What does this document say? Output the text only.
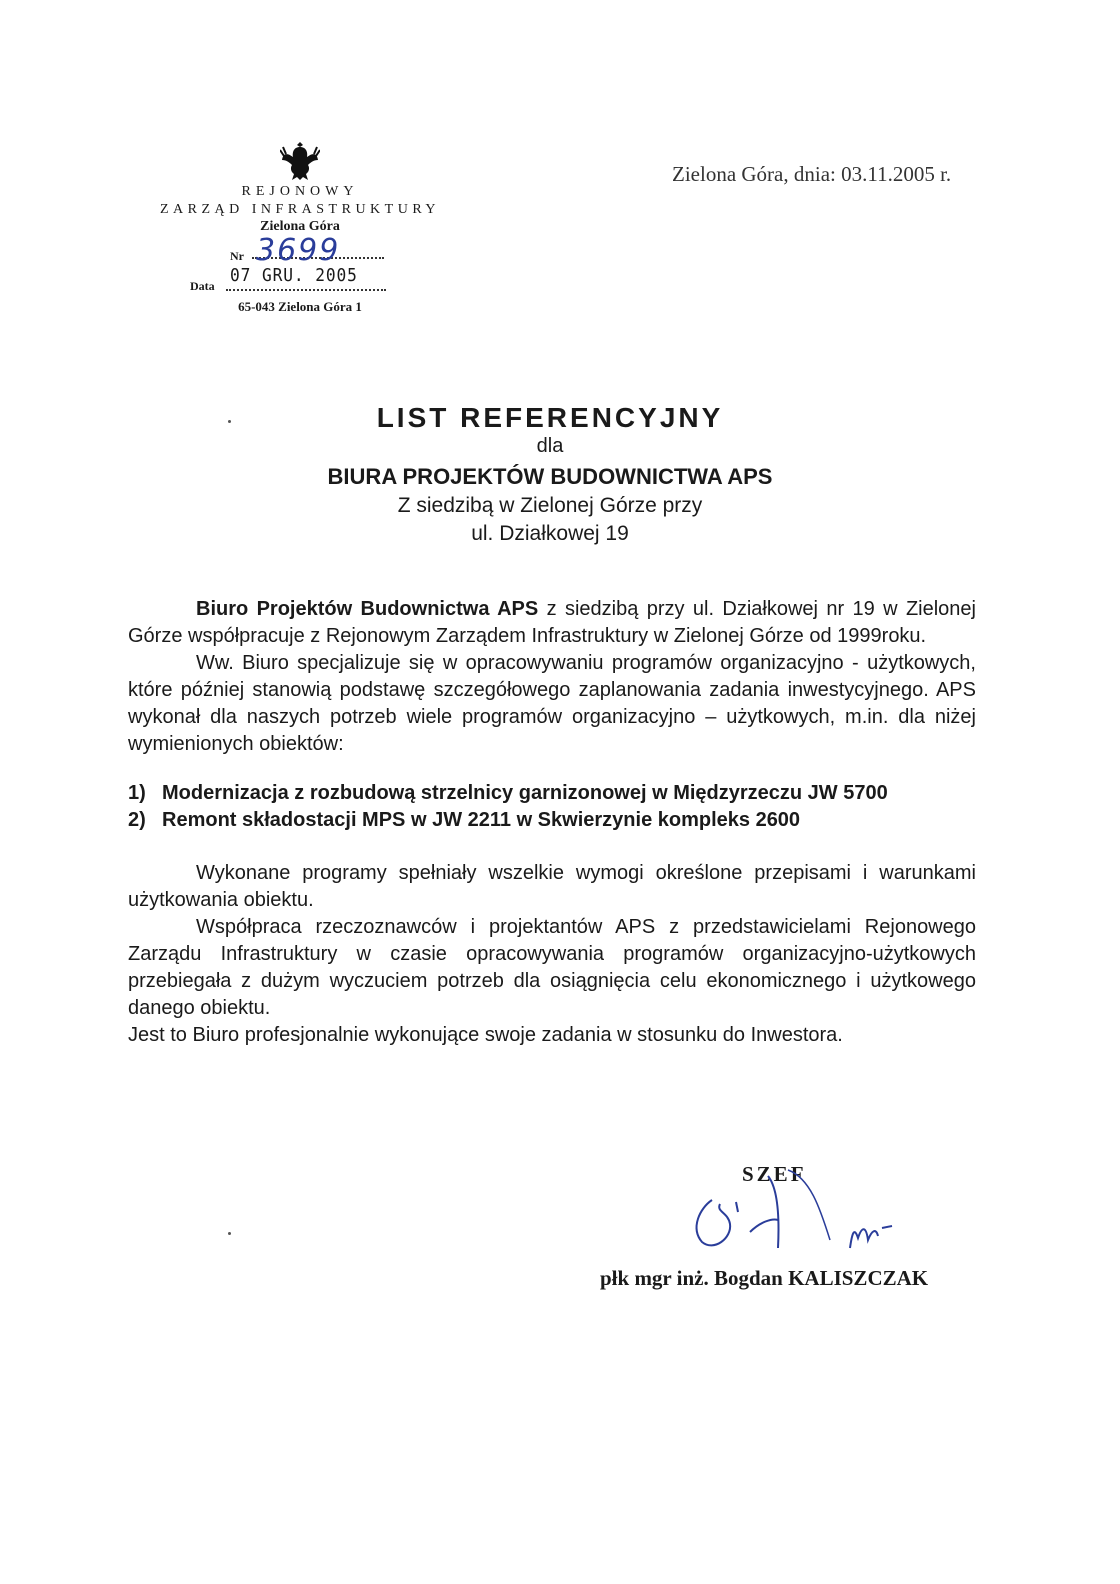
REJONOWY
ZARZĄD INFRASTRUKTURY
Zielona Góra
Nr 3699
Data 07 GRU. 2005
65-043 Zielona Góra 1
Zielona Góra, dnia: 03.11.2005 r.
LIST REFERENCYJNY
dla
BIURA PROJEKTÓW BUDOWNICTWA APS
Z siedzibą w Zielonej Górze przy
ul. Działkowej 19

Biuro Projektów Budownictwa APS z siedzibą przy ul. Działkowej nr 19 w Zielonej Górze współpracuje z Rejonowym Zarządem Infrastruktury w Zielonej Górze od 1999roku.

Ww. Biuro specjalizuje się w opracowywaniu programów organizacyjno - użytkowych, które później stanowią podstawę szczegółowego zaplanowania zadania inwestycyjnego. APS wykonał dla naszych potrzeb wiele programów organizacyjno – użytkowych, m.in. dla niżej wymienionych obiektów:

1) Modernizacja z rozbudową strzelnicy garnizonowej w Międzyrzeczu JW 5700
2) Remont składostacji MPS w JW 2211 w Skwierzynie kompleks 2600

Wykonane programy spełniały wszelkie wymogi określone przepisami i warunkami użytkowania obiektu.

Współpraca rzeczoznawców i projektantów APS z przedstawicielami Rejonowego Zarządu Infrastruktury w czasie opracowywania programów organizacyjno-użytkowych przebiegała z dużym wyczuciem potrzeb dla osiągnięcia celu ekonomicznego i użytkowego danego obiektu.

Jest to Biuro profesjonalnie wykonujące swoje zadania w stosunku do Inwestora.

SZEF
płk mgr inż. Bogdan KALISZCZAK
